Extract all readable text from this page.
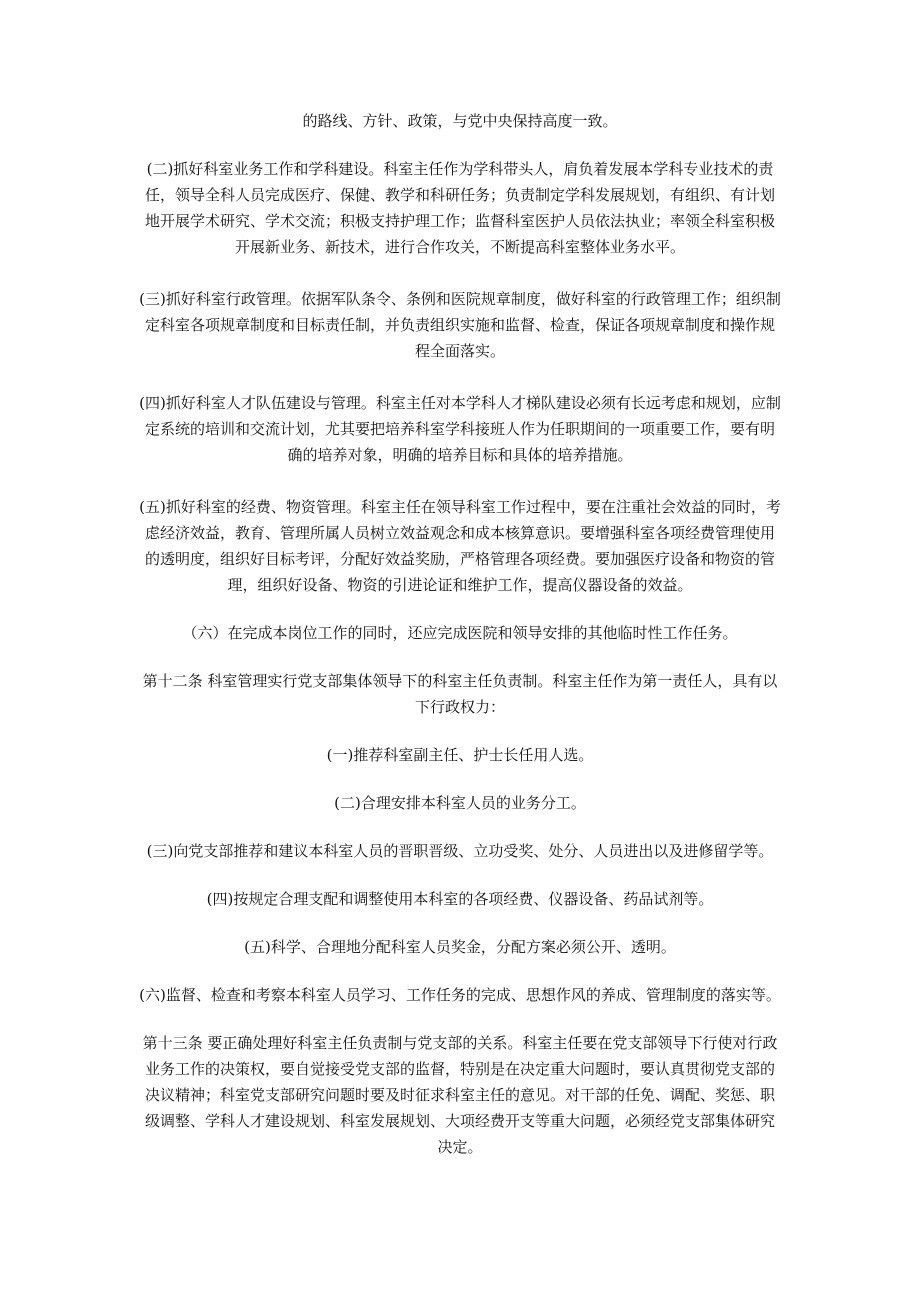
的路线、方针、政策，与党中央保持高度一致。

(二)抓好科室业务工作和学科建设。科室主任作为学科带头人，肩负着发展本学科专业技术的责任，领导全科人员完成医疗、保健、教学和科研任务；负责制定学科发展规划，有组织、有计划地开展学术研究、学术交流；积极支持护理工作；监督科室医护人员依法执业；率领全科室积极开展新业务、新技术，进行合作攻关，不断提高科室整体业务水平。

(三)抓好科室行政管理。依据军队条令、条例和医院规章制度，做好科室的行政管理工作；组织制定科室各项规章制度和目标责任制，并负责组织实施和监督、检查，保证各项规章制度和操作规程全面落实。

(四)抓好科室人才队伍建设与管理。科室主任对本学科人才梯队建设必须有长远考虑和规划，应制定系统的培训和交流计划，尤其要把培养科室学科接班人作为任职期间的一项重要工作，要有明确的培养对象，明确的培养目标和具体的培养措施。

(五)抓好科室的经费、物资管理。科室主任在领导科室工作过程中，要在注重社会效益的同时，考虑经济效益，教育、管理所属人员树立效益观念和成本核算意识。要增强科室各项经费管理使用的透明度，组织好目标考评，分配好效益奖励，严格管理各项经费。要加强医疗设备和物资的管理，组织好设备、物资的引进论证和维护工作，提高仪器设备的效益。

（六）在完成本岗位工作的同时，还应完成医院和领导安排的其他临时性工作任务。

第十二条 科室管理实行党支部集体领导下的科室主任负责制。科室主任作为第一责任人，具有以下行政权力：

(一)推荐科室副主任、护士长任用人选。

(二)合理安排本科室人员的业务分工。

(三)向党支部推荐和建议本科室人员的晋职晋级、立功受奖、处分、人员进出以及进修留学等。

(四)按规定合理支配和调整使用本科室的各项经费、仪器设备、药品试剂等。

(五)科学、合理地分配科室人员奖金，分配方案必须公开、透明。

(六)监督、检查和考察本科室人员学习、工作任务的完成、思想作风的养成、管理制度的落实等。

第十三条 要正确处理好科室主任负责制与党支部的关系。科室主任要在党支部领导下行使对行政业务工作的决策权，要自觉接受党支部的监督，特别是在决定重大问题时，要认真贯彻党支部的决议精神；科室党支部研究问题时要及时征求科室主任的意见。对干部的任免、调配、奖惩、职级调整、学科人才建设规划、科室发展规划、大项经费开支等重大问题，必须经党支部集体研究决定。
